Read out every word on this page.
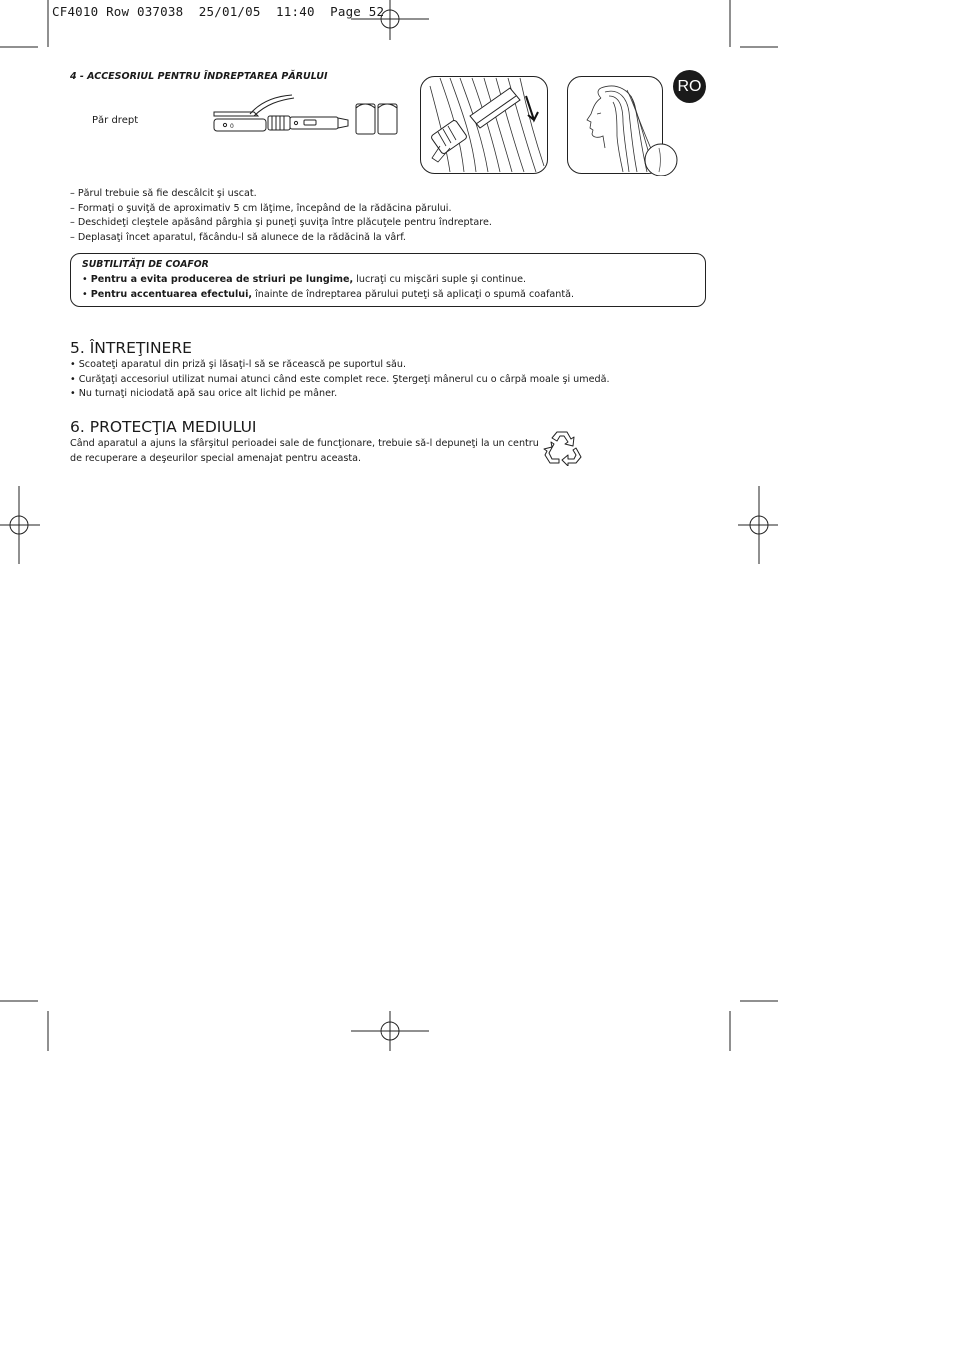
CF4010 Row 037038  25/01/05  11:40  Page 52
RO
4 - ACCESORIUL PENTRU ÎNDREPTAREA PĂRULUI
Păr drept
0
– Părul trebuie să fie descâlcit şi uscat.
– Formaţi o şuviţă de aproximativ 5 cm lăţime, începând de la rădăcina părului.
– Deschideţi cleştele apăsând pârghia şi puneţi şuviţa între plăcuţele pentru îndreptare.
– Deplasaţi încet aparatul, făcându-l să alunece de la rădăcină la vârf.
SUBTILITĂŢI DE COAFOR
• Pentru a evita producerea de striuri pe lungime, lucraţi cu mişcări suple şi continue.
• Pentru accentuarea efectului, înainte de îndreptarea părului puteţi să aplicaţi o spumă coafantă.
5. ÎNTREŢINERE
• Scoateţi aparatul din priză şi lăsaţi-l să se răcească pe suportul său.
• Curăţaţi accesoriul utilizat numai atunci când este complet rece. Ştergeţi mânerul cu o cârpă moale şi umedă.
• Nu turnaţi niciodată apă sau orice alt lichid pe mâner.
6. PROTECŢIA MEDIULUI
Când aparatul a ajuns la sfârşitul perioadei sale de funcţionare, trebuie să-l depuneţi la un centru
de recuperare a deşeurilor special amenajat pentru aceasta.
